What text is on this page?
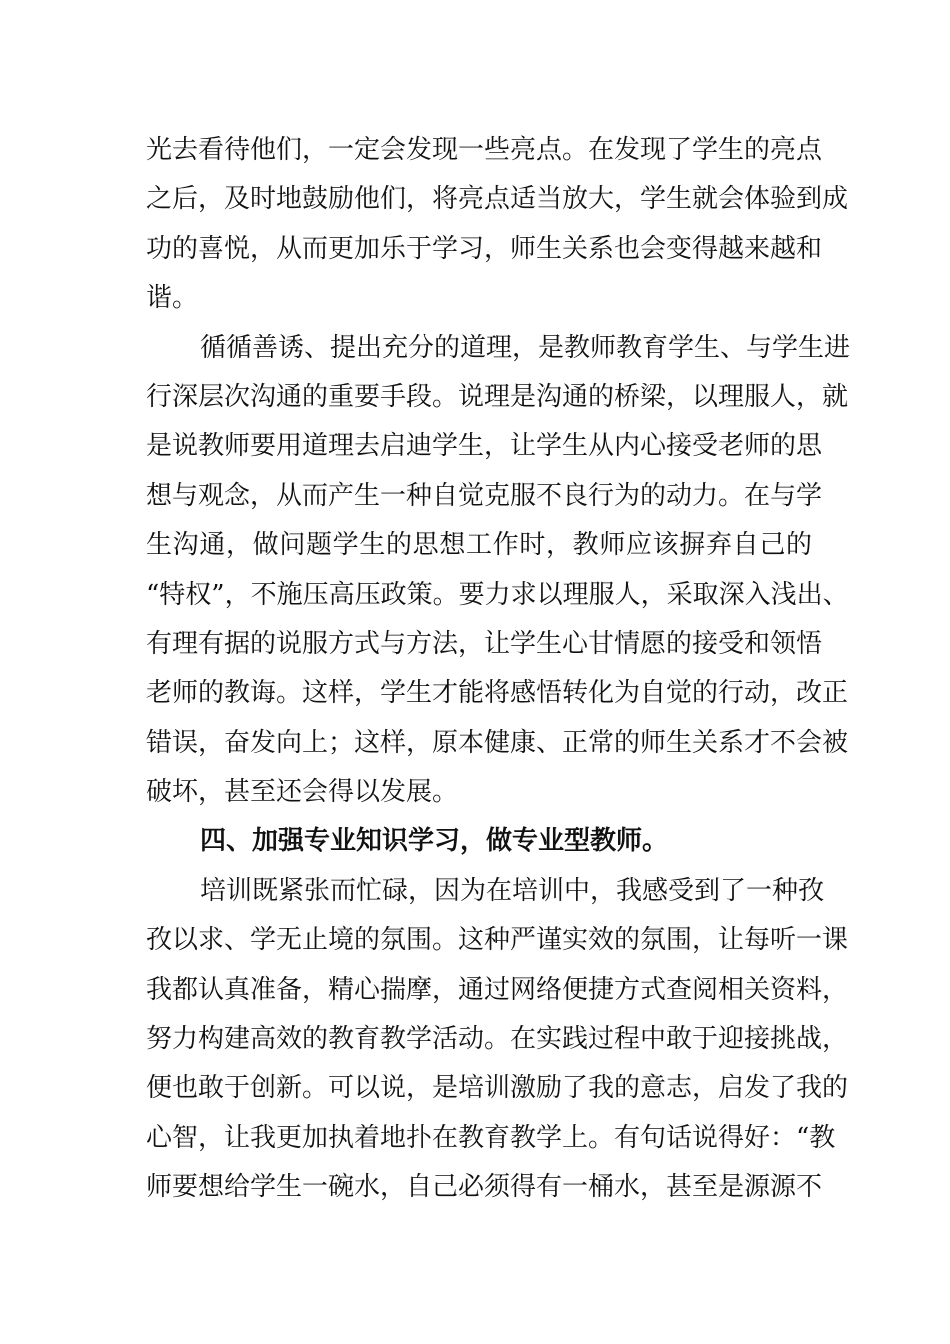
光去看待他们，一定会发现一些亮点。在发现了学生的亮点
之后，及时地鼓励他们，将亮点适当放大，学生就会体验到成
功的喜悦，从而更加乐于学习，师生关系也会变得越来越和
谐。
循循善诱、提出充分的道理，是教师教育学生、与学生进
行深层次沟通的重要手段。说理是沟通的桥梁，以理服人，就
是说教师要用道理去启迪学生，让学生从内心接受老师的思
想与观念，从而产生一种自觉克服不良行为的动力。在与学
生沟通，做问题学生的思想工作时，教师应该摒弃自己的
“特权”，不施压高压政策。要力求以理服人，采取深入浅出、
有理有据的说服方式与方法，让学生心甘情愿的接受和领悟
老师的教诲。这样，学生才能将感悟转化为自觉的行动，改正
错误，奋发向上；这样，原本健康、正常的师生关系才不会被
破坏，甚至还会得以发展。
四、加强专业知识学习，做专业型教师。
培训既紧张而忙碌，因为在培训中，我感受到了一种孜
孜以求、学无止境的氛围。这种严谨实效的氛围，让每听一课
我都认真准备，精心揣摩，通过网络便捷方式查阅相关资料，
努力构建高效的教育教学活动。在实践过程中敢于迎接挑战，
便也敢于创新。可以说，是培训激励了我的意志，启发了我的
心智，让我更加执着地扑在教育教学上。有句话说得好：“教
师要想给学生一碗水，自己必须得有一桶水，甚至是源源不
